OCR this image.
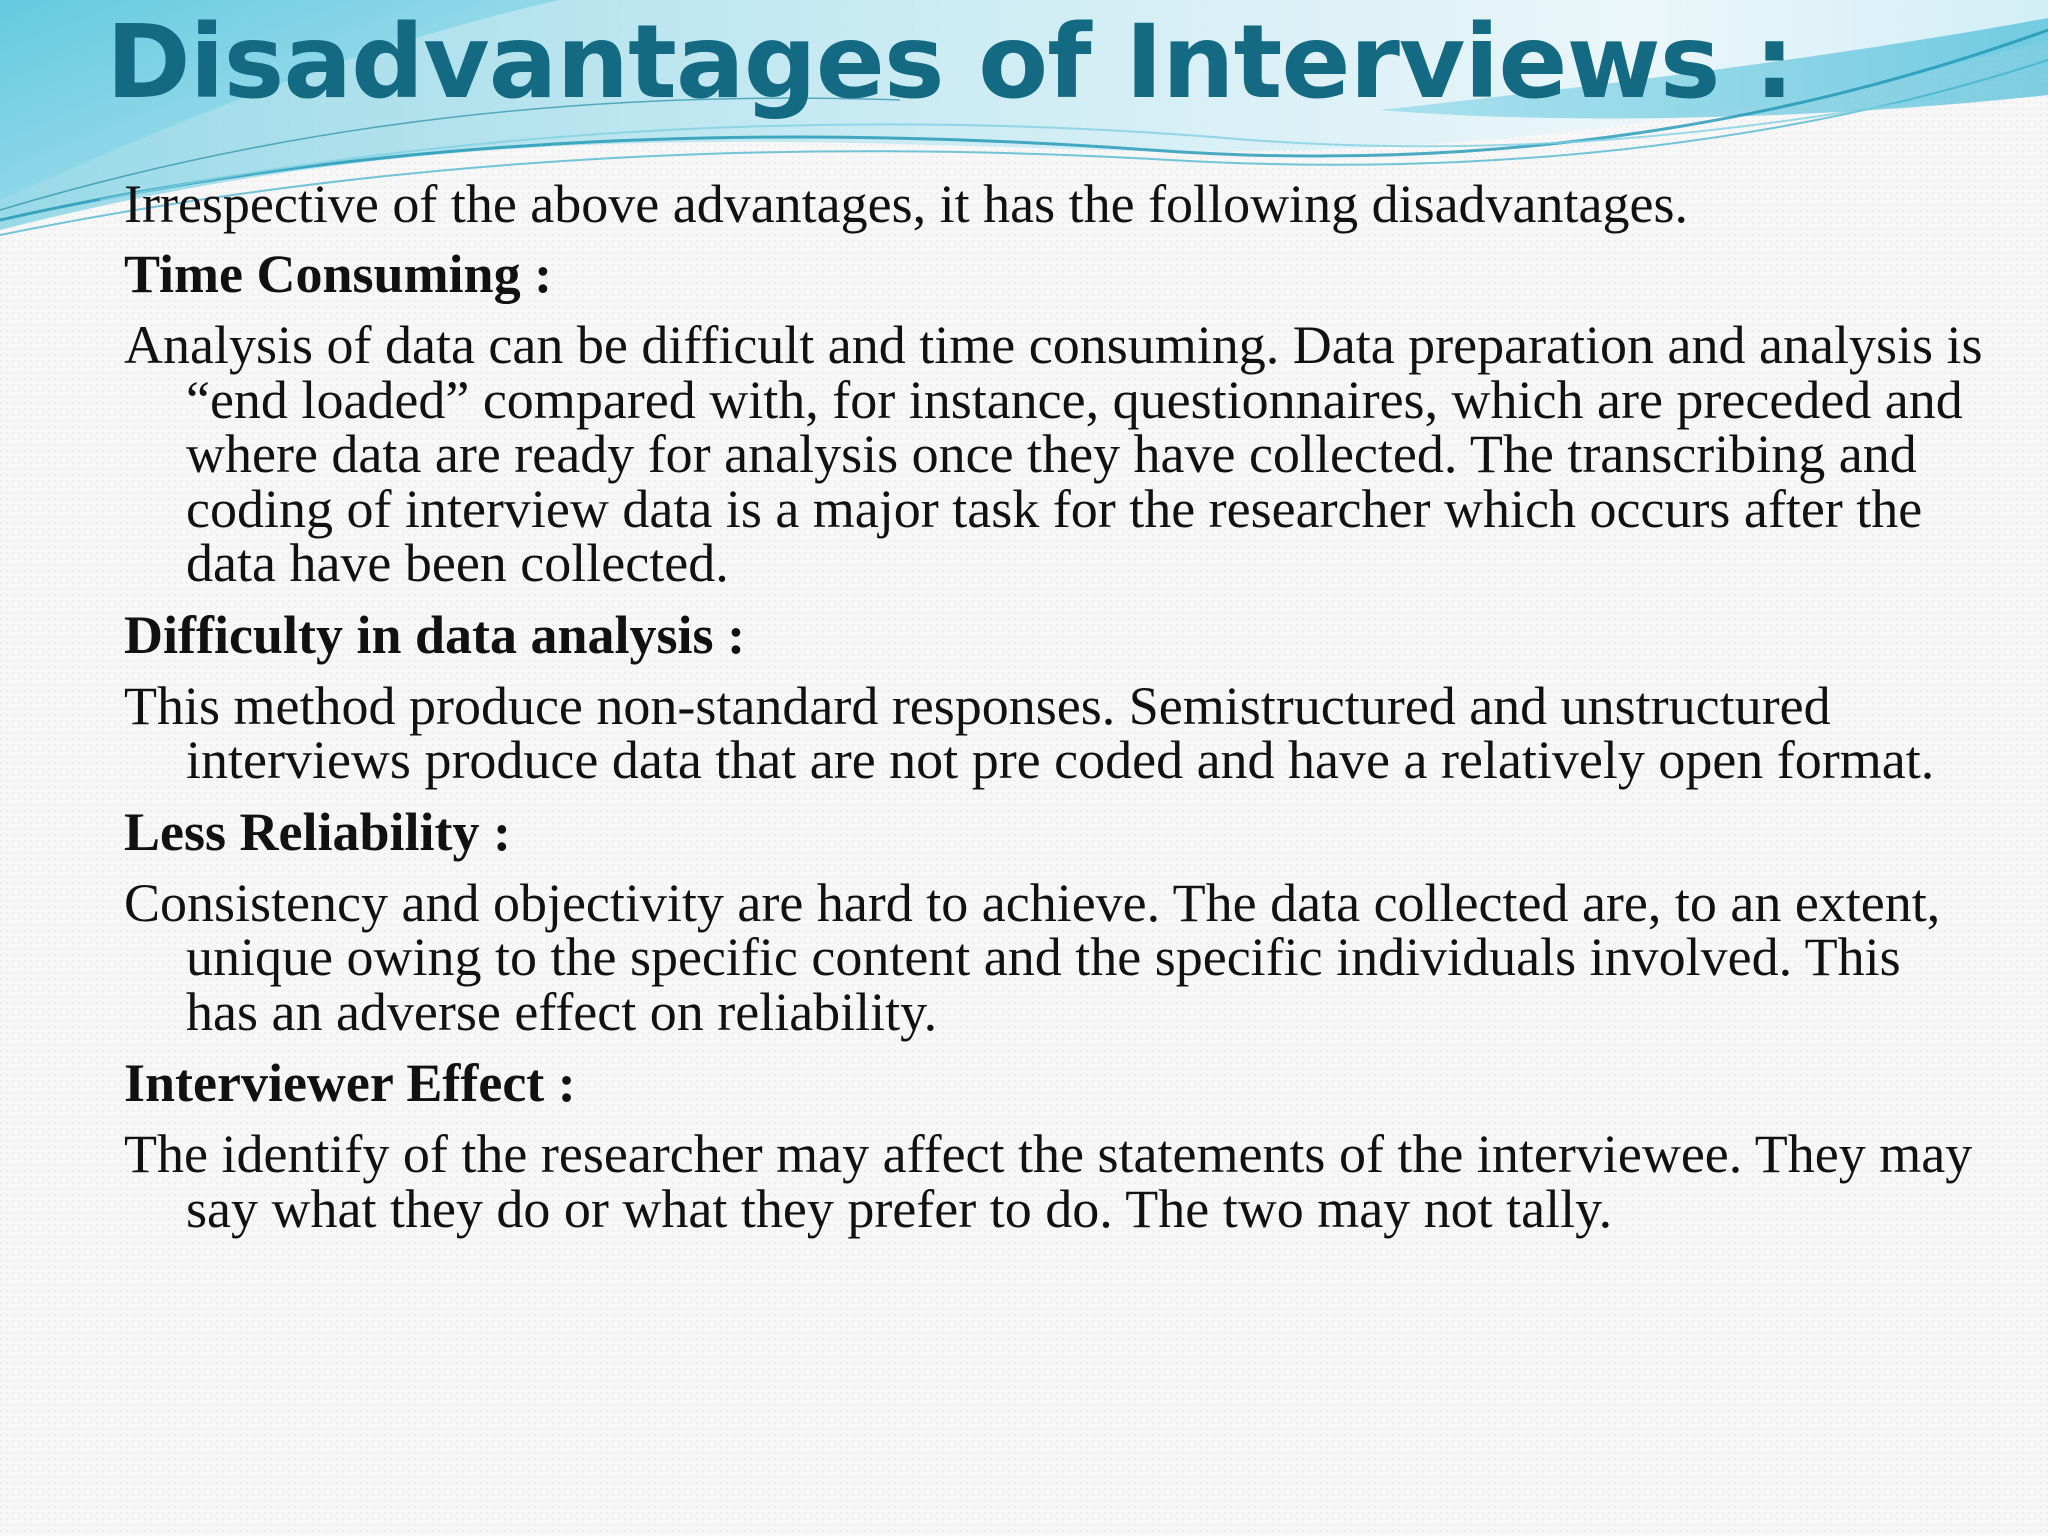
Disadvantages of Interviews :

Irrespective of the above advantages, it has the following disadvantages.

Time Consuming :

Analysis of data can be difficult and time consuming. Data preparation and analysis is “end loaded” compared with, for instance, questionnaires, which are preceded and where data are ready for analysis once they have collected. The transcribing and coding of interview data is a major task for the researcher which occurs after the data have been collected.

Difficulty in data analysis :

This method produce non-standard responses. Semistructured and unstructured interviews produce data that are not pre coded and have a relatively open format.

Less Reliability :

Consistency and objectivity are hard to achieve. The data collected are, to an extent, unique owing to the specific content and the specific individuals involved. This has an adverse effect on reliability.

Interviewer Effect :

The identify of the researcher may affect the statements of the interviewee. They may say what they do or what they prefer to do. The two may not tally.
